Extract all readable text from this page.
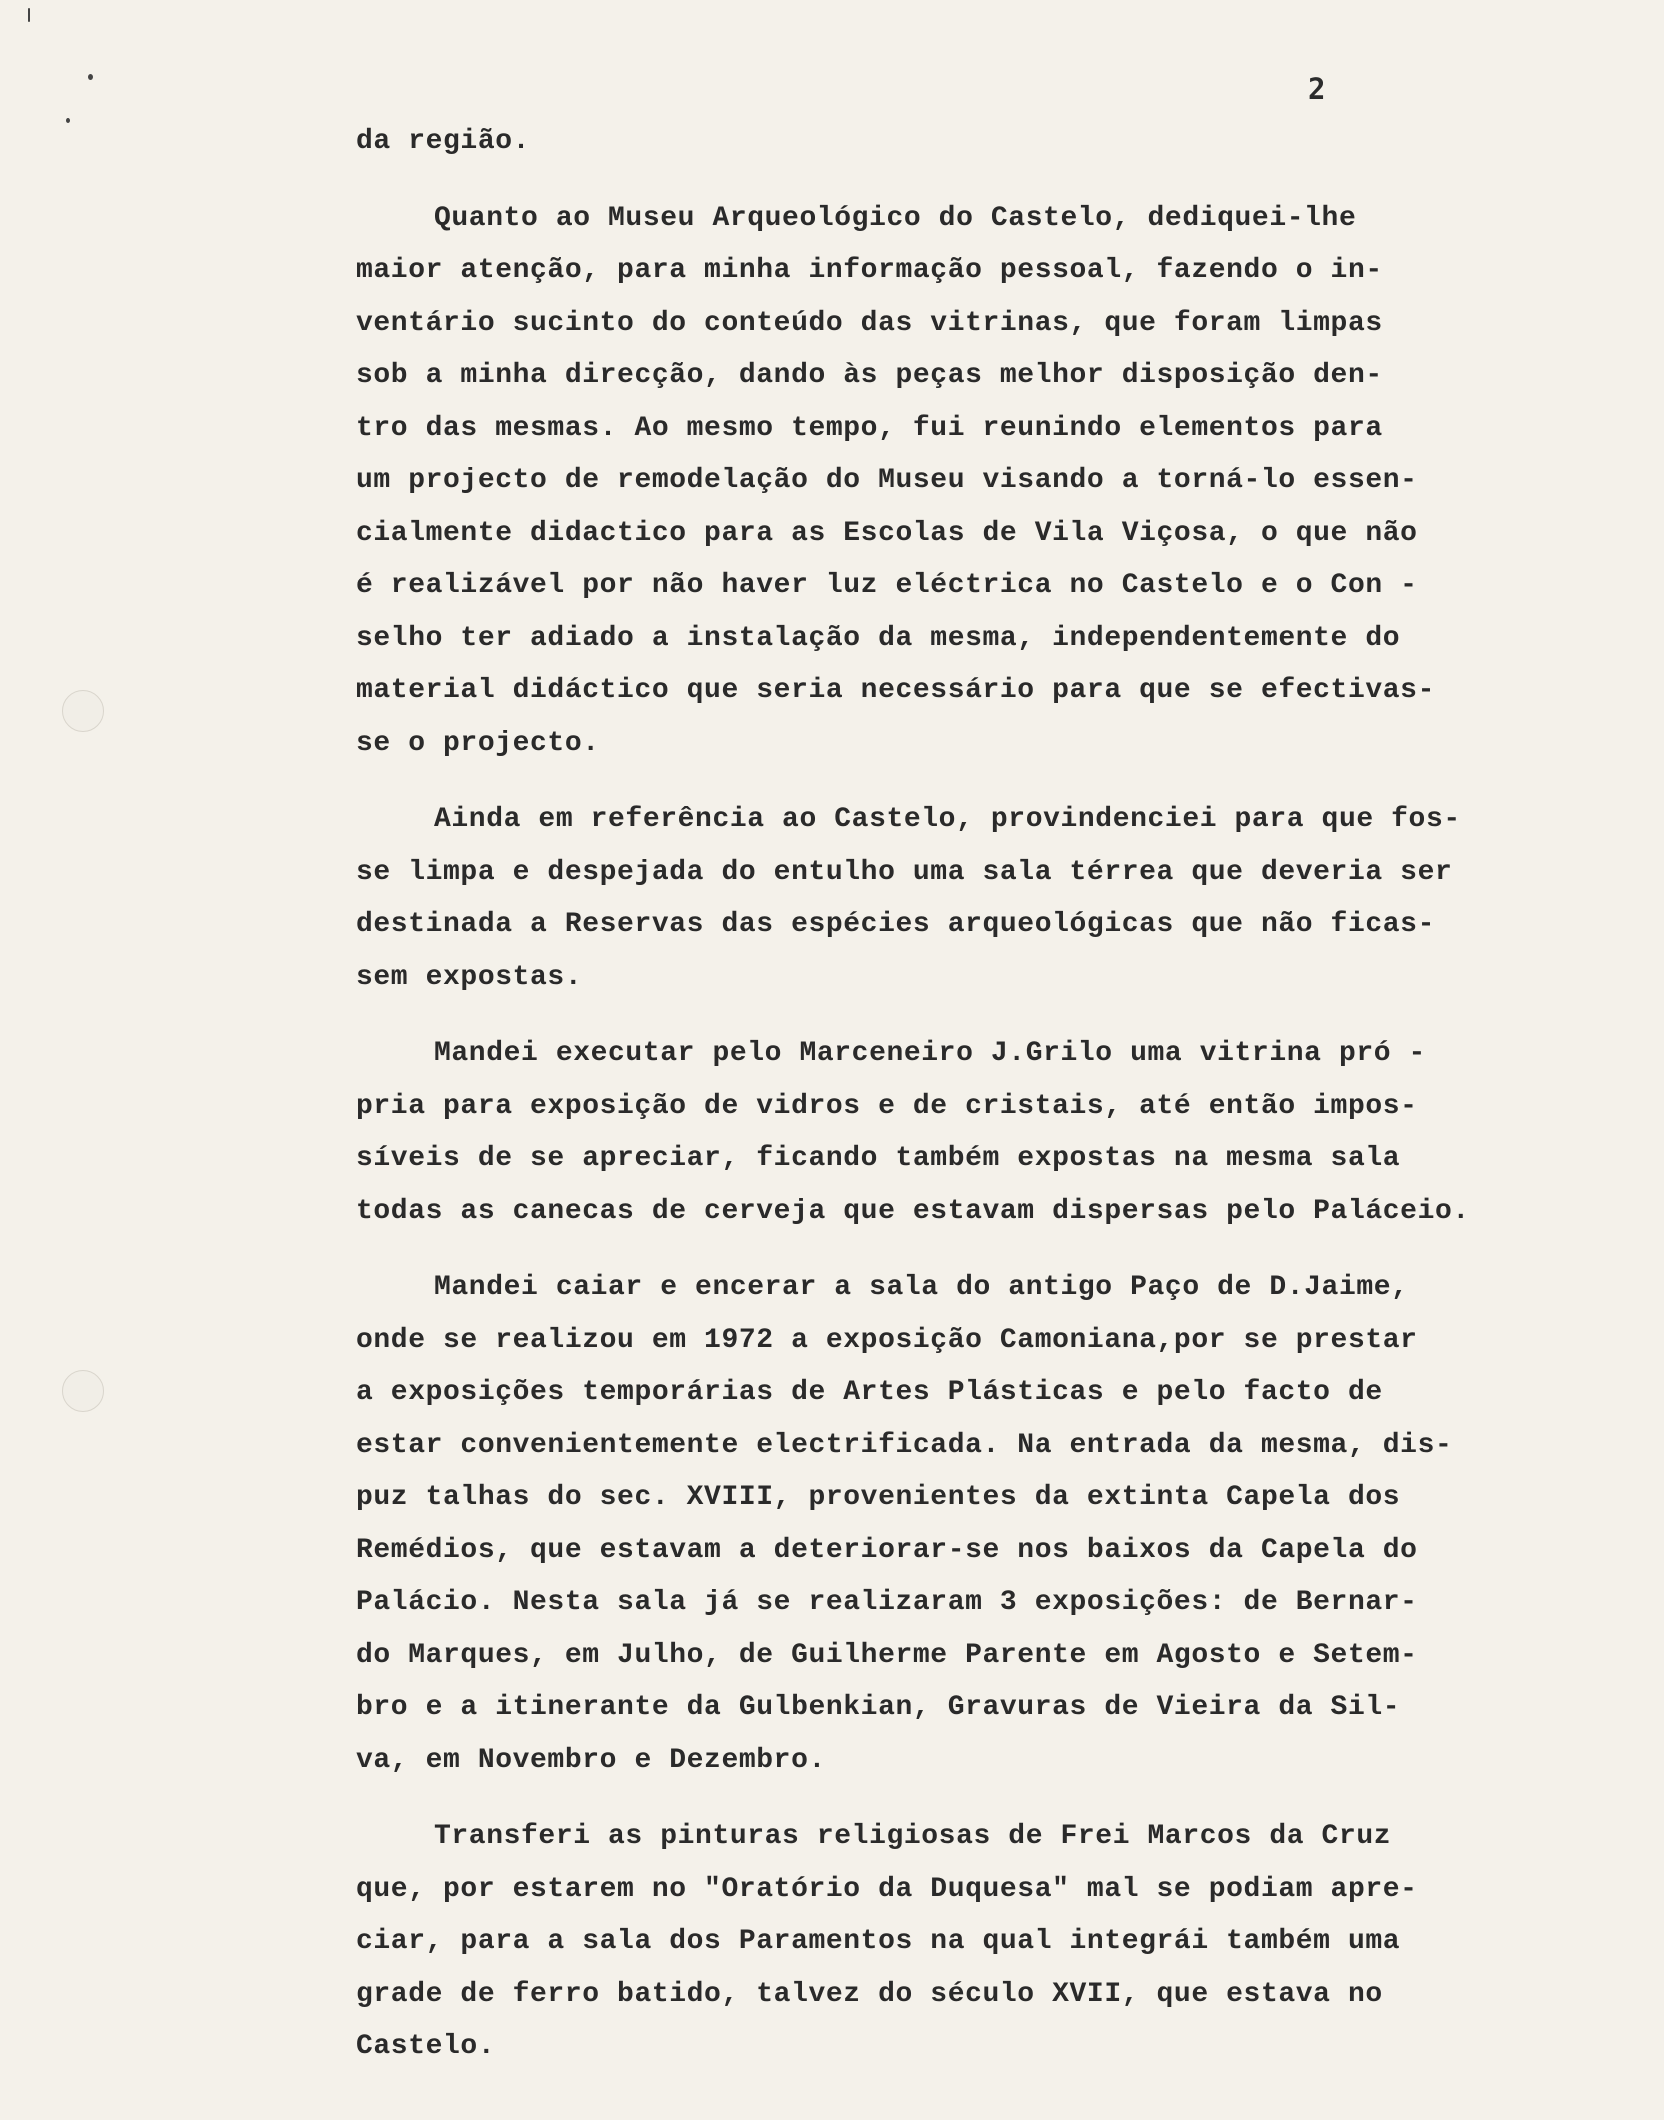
2
da região.
Quanto ao Museu Arqueológico do Castelo, dediquei-lhe
maior atenção, para minha informação pessoal, fazendo o in-
ventário sucinto do conteúdo das vitrinas, que foram limpas
sob a minha direcção, dando às peças melhor disposição den-
tro das mesmas. Ao mesmo tempo, fui reunindo elementos para
um projecto de remodelação do Museu visando a torná-lo essen-
cialmente didactico para as Escolas de Vila Viçosa, o que não
é realizável por não haver luz eléctrica no Castelo e o Con -
selho ter adiado a instalação da mesma, independentemente do
material didáctico que seria necessário para que se efectivas-
se o projecto.
Ainda em referência ao Castelo, provindenciei para que fos-
se limpa e despejada do entulho uma sala térrea que deveria ser
destinada a Reservas das espécies arqueológicas que não ficas-
sem expostas.
Mandei executar pelo Marceneiro J.Grilo uma vitrina pró -
pria para exposição de vidros e de cristais, até então impos-
síveis de se apreciar, ficando também expostas na mesma sala
todas as canecas de cerveja que estavam dispersas pelo Paláceio.
Mandei caiar e encerar a sala do antigo Paço de D.Jaime,
onde se realizou em 1972 a exposição Camoniana,por se prestar
a exposições temporárias de Artes Plásticas e pelo facto de
estar convenientemente electrificada. Na entrada da mesma, dis-
puz talhas do sec. XVIII, provenientes da extinta Capela dos
Remédios, que estavam a deteriorar-se nos baixos da Capela do
Palácio. Nesta sala já se realizaram 3 exposições: de Bernar-
do Marques, em Julho, de Guilherme Parente em Agosto e Setem-
bro e a itinerante da Gulbenkian, Gravuras de Vieira da Sil-
va, em Novembro e Dezembro.
Transferi as pinturas religiosas de Frei Marcos da Cruz
que, por estarem no "Oratório da Duquesa" mal se podiam apre-
ciar, para a sala dos Paramentos na qual integrái também uma
grade de ferro batido, talvez do século XVII, que estava no
Castelo.
